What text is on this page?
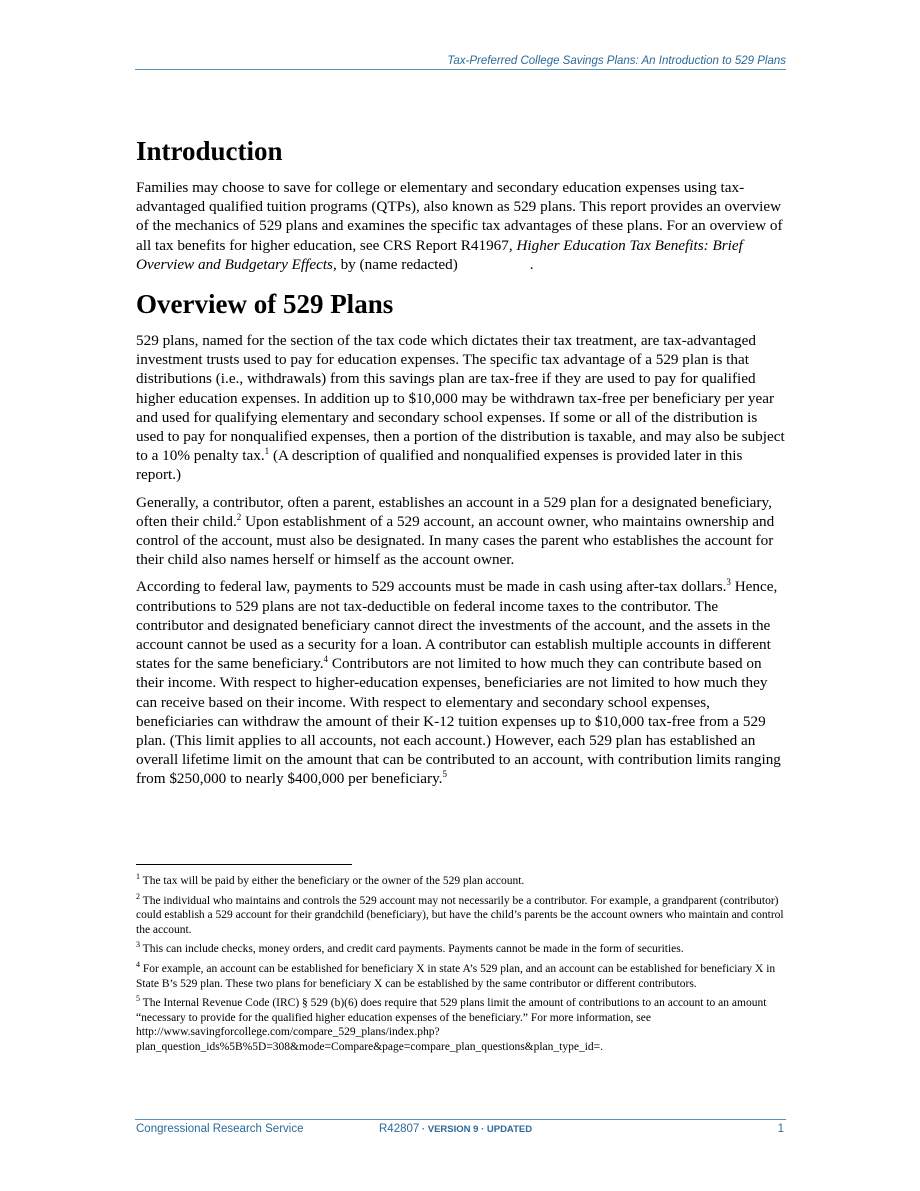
Tax-Preferred College Savings Plans: An Introduction to 529 Plans
Introduction

Families may choose to save for college or elementary and secondary education expenses using tax-advantaged qualified tuition programs (QTPs), also known as 529 plans. This report provides an overview of the mechanics of 529 plans and examines the specific tax advantages of these plans. For an overview of all tax benefits for higher education, see CRS Report R41967, Higher Education Tax Benefits: Brief Overview and Budgetary Effects, by (name redacted)	.

Overview of 529 Plans

529 plans, named for the section of the tax code which dictates their tax treatment, are tax-advantaged investment trusts used to pay for education expenses. The specific tax advantage of a 529 plan is that distributions (i.e., withdrawals) from this savings plan are tax-free if they are used to pay for qualified higher education expenses. In addition up to $10,000 may be withdrawn tax-free per beneficiary per year and used for qualifying elementary and secondary school expenses. If some or all of the distribution is used to pay for nonqualified expenses, then a portion of the distribution is taxable, and may also be subject to a 10% penalty tax.$^1$ (A description of qualified and nonqualified expenses is provided later in this report.)

Generally, a contributor, often a parent, establishes an account in a 529 plan for a designated beneficiary, often their child.$^2$ Upon establishment of a 529 account, an account owner, who maintains ownership and control of the account, must also be designated. In many cases the parent who establishes the account for their child also names herself or himself as the account owner.

According to federal law, payments to 529 accounts must be made in cash using after-tax dollars.$^3$ Hence, contributions to 529 plans are not tax-deductible on federal income taxes to the contributor. The contributor and designated beneficiary cannot direct the investments of the account, and the assets in the account cannot be used as a security for a loan. A contributor can establish multiple accounts in different states for the same beneficiary.$^4$ Contributors are not limited to how much they can contribute based on their income. With respect to higher-education expenses, beneficiaries are not limited to how much they can receive based on their income. With respect to elementary and secondary school expenses, beneficiaries can withdraw the amount of their K-12 tuition expenses up to $10,000 tax-free from a 529 plan. (This limit applies to all accounts, not each account.) However, each 529 plan has established an overall lifetime limit on the amount that can be contributed to an account, with contribution limits ranging from $250,000 to nearly $400,000 per beneficiary.$^5$

$^1$ The tax will be paid by either the beneficiary or the owner of the 529 plan account.
$^2$ The individual who maintains and controls the 529 account may not necessarily be a contributor. For example, a grandparent (contributor) could establish a 529 account for their grandchild (beneficiary), but have the child’s parents be the account owners who maintain and control the account.
$^3$ This can include checks, money orders, and credit card payments. Payments cannot be made in the form of securities.
$^4$ For example, an account can be established for beneficiary X in state A’s 529 plan, and an account can be established for beneficiary X in State B’s 529 plan. These two plans for beneficiary X can be established by the same contributor or different contributors.
$^5$ The Internal Revenue Code (IRC) § 529 (b)(6) does require that 529 plans limit the amount of contributions to an account to an amount “necessary to provide for the qualified higher education expenses of the beneficiary.” For more information, see http://www.savingforcollege.com/compare_529_plans/index.php?plan_question_ids%5B%5D=308&mode=Compare&page=compare_plan_questions&plan_type_id=.
Congressional Research Service	R42807 · VERSION 9 · UPDATED	1
